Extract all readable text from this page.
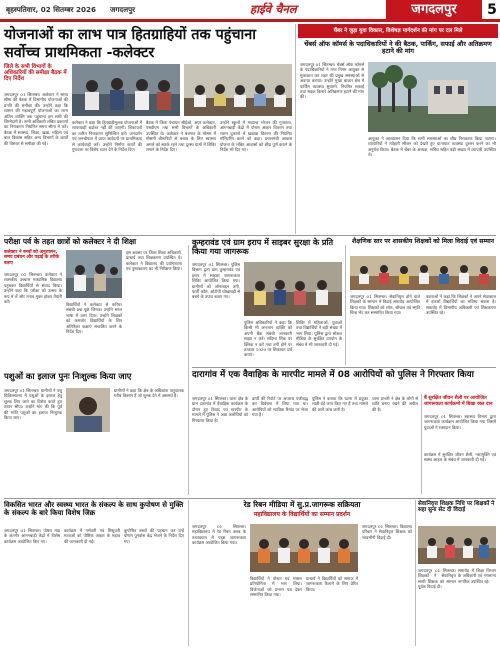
बृहस्पतिवार, 02 सितम्बर 2026 जगदलपुर	हाईवे चैनल	जगदलपुर	5
योजनाओं का लाभ पात्र हितग्राहियों तक पहुंचाना सर्वोच्च प्राथमिकता -कलेक्टर
जिले के सभी विभागों के अधिकारियों की समीक्षा बैठक में दिए निर्देश
जगदलपुर 01 सितम्बर। कलेक्टर ने समय सीमा की बैठक में विभागीय योजनाओं की प्रगति की समीक्षा की। उन्होंने कहा कि शासन की महत्वपूर्ण योजनाओं का लाभ अंतिम व्यक्ति तक पहुंचाना हम सभी की जिम्मेदारी है। सभी अधिकारी लंबित प्रकरणों का निराकरण निर्धारित समय सीमा में करें। बैठक में स्वास्थ्य, शिक्षा, खाद्य, महिला एवं बाल विकास सहित अन्य विभागों के कार्यों की विस्तार से समीक्षा की गई।
कलेक्टर ने कहा कि हितग्राहीमूलक योजनाओं में लापरवाही बर्दाश्त नहीं की जाएगी। शिकायतों का त्वरित निराकरण सुनिश्चित करें। जनदर्शन एवं जनचौपाल में प्राप्त आवेदनों पर प्राथमिकता से कार्यवाही करें। उन्होंने निर्माण कार्यों की गुणवत्ता पर विशेष ध्यान देने के निर्देश दिए।
बैठक में जिला पंचायत सीईओ, अपर कलेक्टर, एसडीएम तथा सभी विभागों के अधिकारी उपस्थित थे। कलेक्टर ने बरसात के मौसम में मौसमी बीमारियों से बचाव के लिए स्वास्थ्य अमले को सतर्क रहने तथा दूरस्थ ग्रामों में शिविर लगाने के निर्देश दिए।
उन्होंने स्कूलों में मध्यान्ह भोजन की गुणवत्ता, आंगनबाड़ी केंद्रों में पोषण आहार वितरण तथा राशन दुकानों में खाद्यान्न वितरण की नियमित मॉनिटरिंग करने को कहा। प्रधानमंत्री आवास योजना के लंबित आवासों को शीघ्र पूर्ण कराने के निर्देश भी दिए गए।
चैंबर ने जुड़ा युवा विकास, विशेषज्ञ मार्गदर्शन की मांग पर दल मिले
चेंबर्स ऑफ कॉमर्स के पदाधिकारियों ने की बैठक, पार्किंग, सफाई और अतिक्रमण हटाने की मांग
जगदलपुर 01 सितम्बर। चेंबर्स ऑफ कॉमर्स के पदाधिकारियों ने नगर निगम आयुक्त से मुलाकात कर शहर की प्रमुख समस्याओं से अवगत कराया। उन्होंने मुख्य बाजार क्षेत्र में पार्किंग व्यवस्था सुधारने, नियमित सफाई तथा सड़क किनारे अतिक्रमण हटाने की मांग की।
आयुक्त ने आश्वासन दिया कि सभी समस्याओं का शीघ्र निराकरण किया जाएगा। व्यापारियों ने त्योहारी सीजन को देखते हुए यातायात व्यवस्था दुरुस्त करने का भी अनुरोध किया। बैठक में चेंबर के अध्यक्ष, सचिव सहित बड़ी संख्या में व्यापारी उपस्थित थे।
परीक्षा पर्व के तहत छात्रों को कलेक्टर ने दी शिक्षा
कलेक्टर ने बच्चों को अनुशासन, समय प्रबंधन और पढ़ाई के तरीके बताए
जगदलपुर 01 सितम्बर। कलेक्टर ने शासकीय उच्चतर माध्यमिक विद्यालय पहुंचकर विद्यार्थियों से संवाद किया। उन्होंने कहा कि परीक्षा को उत्सव के रूप में लें और तनाव मुक्त होकर तैयारी करें।
विद्यार्थियों ने कलेक्टर से करियर संबंधी प्रश्न पूछे जिनका उन्होंने सरल भाषा में उत्तर दिया। उन्होंने शिक्षकों को कमजोर विद्यार्थियों के लिए अतिरिक्त कक्षाएं संचालित करने के निर्देश दिए।
इस अवसर पर जिला शिक्षा अधिकारी, प्राचार्य तथा शिक्षकगण उपस्थित थे। कलेक्टर ने विद्यालय की प्रयोगशाला एवं पुस्तकालय का भी निरीक्षण किया।
पशुओं का इलाज पुनः निःशुल्क किया जाए
जगदलपुर 01 सितम्बर। ग्रामीणों ने पशु चिकित्सालय में पशुओं के इलाज हेतु शुल्क लिए जाने का विरोध करते हुए ज्ञापन सौंपा। उन्होंने मांग की कि पूर्व की भांति पशुओं का इलाज निःशुल्क किया जाए।
ग्रामीणों ने कहा कि क्षेत्र के अधिकांश पशुपालक गरीब किसान हैं जो शुल्क देने में असमर्थ हैं।
कुम्हरावंड एवं ग्राम इराप में साइबर सुरक्षा के प्रति किया गया जागरूक
जगदलपुर 01 सितम्बर। पुलिस विभाग द्वारा ग्राम कुम्हरावंड एवं इराप में साइबर जागरूकता शिविर आयोजित किया गया। ग्रामीणों को ऑनलाइन ठगी, फर्जी कॉल, ओटीपी धोखाधड़ी से बचने के उपाय बताए गए।
पुलिस अधिकारियों ने कहा कि किसी भी अनजान व्यक्ति को अपनी बैंक संबंधी जानकारी साझा न करें। संदिग्ध लिंक पर क्लिक न करें तथा ठगी होने पर तत्काल 1930 पर शिकायत दर्ज कराएं।
शिविर में महिलाओं, युवाओं तथा विद्यार्थियों ने बड़ी संख्या में भाग लिया। पुलिस द्वारा सोशल मीडिया के सुरक्षित उपयोग के संबंध में भी जानकारी दी गई।
शैक्षणिक स्तर पर शासकीय शिक्षकों को मिला विदाई एवं सम्मान
जगदलपुर 01 सितम्बर। सेवानिवृत्त होने वाले शिक्षकों के सम्मान में विदाई समारोह आयोजित किया गया। शिक्षकों को शॉल, श्रीफल एवं स्मृति चिन्ह भेंट कर सम्मानित किया गया।
वक्ताओं ने कहा कि शिक्षकों ने अपने सेवाकाल में हजारों विद्यार्थियों का भविष्य संवारा है। समारोह में विभागीय अधिकारी एवं शिक्षकगण उपस्थित रहे।
दारागांव में एक वैवाहिक के मारपीट मामले में 08 आरोपियों को पुलिस ने गिरफ्तार किया
जगदलपुर 01 सितम्बर। थाना क्षेत्र के ग्राम दारागांव में वैवाहिक कार्यक्रम के दौरान हुए विवाद एवं मारपीट के मामले में पुलिस ने आठ आरोपियों को गिरफ्तार किया है।
प्रार्थी की रिपोर्ट पर अपराध पंजीबद्ध कर विवेचना में लिया गया था। आरोपियों को न्यायिक रिमांड पर भेजा गया है।
पुलिस ने बताया कि घटना में प्रयुक्त लाठी-डंडे जप्त किए गए हैं तथा मामले की आगे जांच जारी है।
थाना प्रभारी ने क्षेत्र के लोगों से शांति बनाए रखने की अपील की है।
बैं सुरक्षित जीवन शैली पर आयोजित जागरूकता कार्यक्रमों में बिखा रक्त दान
जगदलपुर 01 सितम्बर। स्वास्थ्य विभाग द्वारा जागरूकता कार्यक्रम आयोजित किया गया जिसमें युवाओं ने रक्तदान किया।
कार्यक्रम में सुरक्षित जीवन शैली, नशामुक्ति एवं स्वस्थ आहार के संबंध में जानकारी दी गई।
विकसित भारत और स्वस्थ्य भारत के संकल्प के साथ कुपोषण से मुक्ति के संकल्प के बारे किया विशेष जिक्र
जगदलपुर 01 सितम्बर। पोषण माह के अंतर्गत आंगनबाड़ी केंद्रों में विशेष कार्यक्रम आयोजित किए गए।
कार्यक्रम में गर्भवती एवं शिशुवती माताओं को पौष्टिक आहार के महत्व की जानकारी दी गई।
कुपोषित बच्चों की पहचान कर उन्हें पोषण पुनर्वास केंद्र भेजने के निर्देश दिए गए।
रेड रिबन मीडिया में सु.प्र.जागरूक सक्रियता
महाविद्यालय के विद्यार्थियों का सम्मान प्रदर्शन
जगदलपुर 01 सितम्बर। महाविद्यालय में रेड रिबन क्लब के तत्वावधान में एड्स जागरूकता कार्यक्रम आयोजित किया गया।
विद्यार्थियों ने पोस्टर एवं भाषण प्रतियोगिता में भाग लिया। विजेताओं को प्रमाण पत्र देकर सम्मानित किया गया।
प्राचार्य ने विद्यार्थियों को समाज में जागरूकता फैलाने के लिए प्रेरित किया।
जगदलपुर 01 सितम्बर। विद्यालय परिवार ने सेवानिवृत्त शिक्षक को भावभीनी विदाई दी।
सेवानिवृत्त शिक्षक निधि पर शिक्षकों ने सहा सुना सेट दी विदाई
जगदलपुर 01 सितम्बर। शिक्षकों ने सेवानिवृत्त साथी शिक्षक को सम्मान पूर्वक विदाई दी।
समारोह में शिक्षा विभाग के अधिकारी एवं गणमान्य नागरिक उपस्थित रहे।
